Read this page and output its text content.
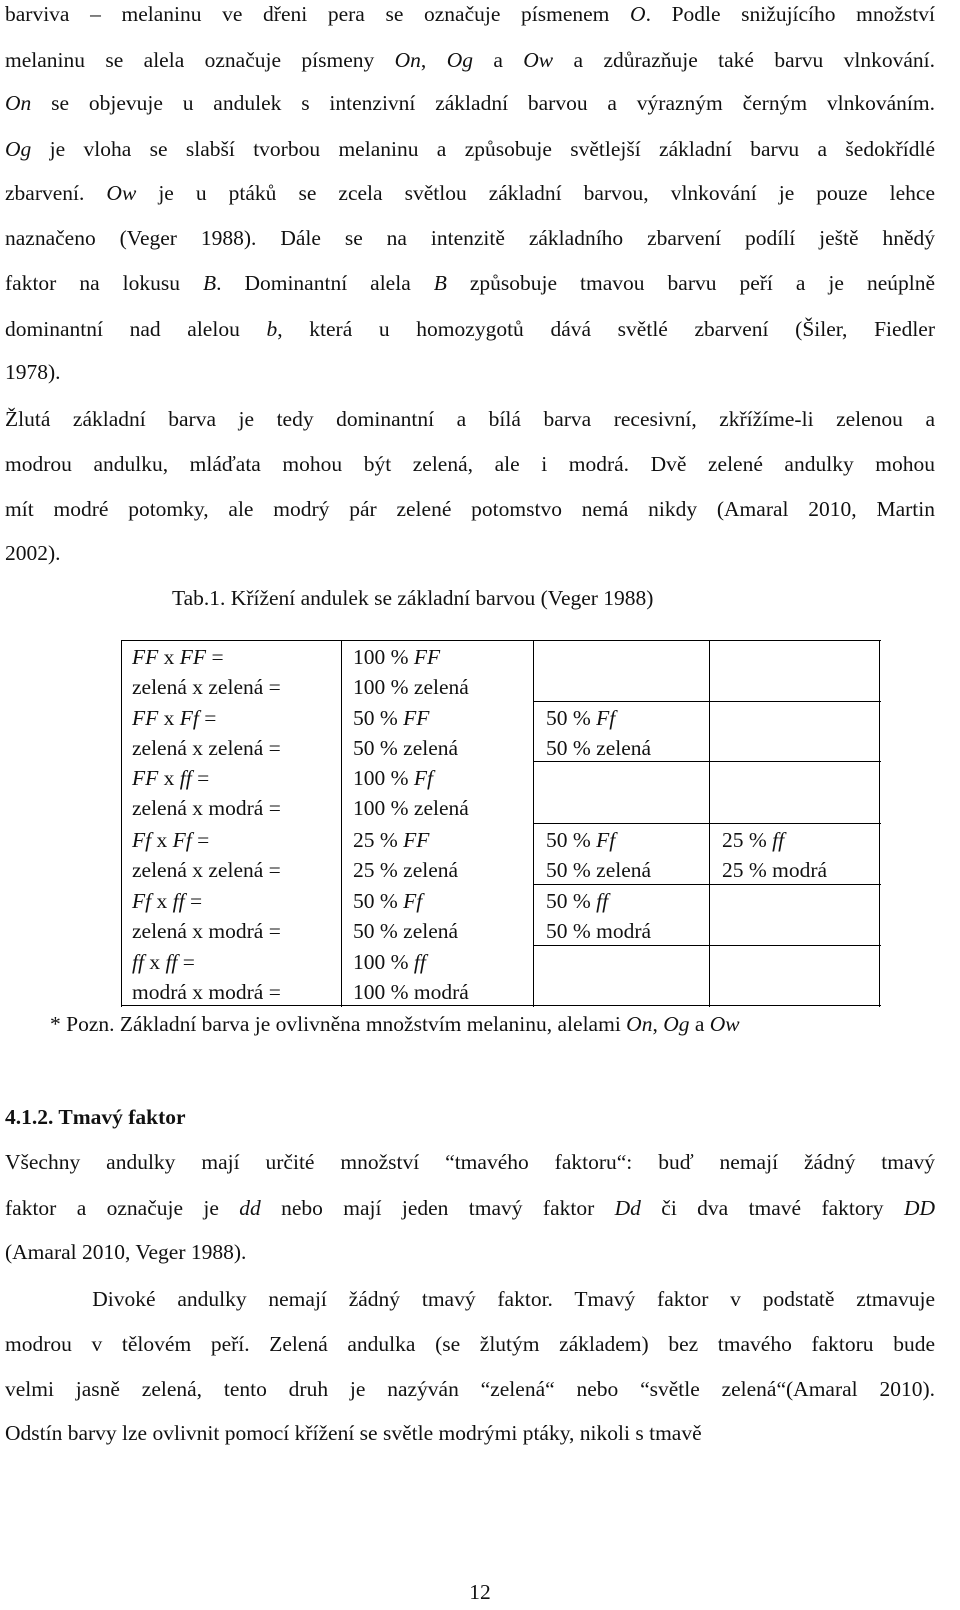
barviva – melaninu ve dřeni pera se označuje písmenem O. Podle snižujícího množství
melaninu se alela označuje písmeny On, Og a Ow a zdůrazňuje také barvu vlnkování.
On se objevuje u andulek s intenzivní základní barvou a výrazným černým vlnkováním.
Og je vloha se slabší tvorbou melaninu a způsobuje světlejší základní barvu a šedokřídlé
zbarvení. Ow je u ptáků se zcela světlou základní barvou, vlnkování je pouze lehce
naznačeno (Veger 1988). Dále se na intenzitě základního zbarvení podílí ještě hnědý
faktor na lokusu B. Dominantní alela B způsobuje tmavou barvu peří a je neúplně
dominantní nad alelou b, která u homozygotů dává světlé zbarvení (Šiler, Fiedler
1978).
Žlutá základní barva je tedy dominantní a bílá barva recesivní, zkřížíme-li zelenou a
modrou andulku, mláďata mohou být zelená, ale i modrá. Dvě zelené andulky mohou
mít modré potomky, ale modrý pár zelené potomstvo nemá nikdy (Amaral 2010, Martin
2002).
Všechny andulky mají určité množství “tmavého faktoru“: buď nemají žádný tmavý
faktor a označuje je dd nebo mají jeden tmavý faktor Dd či dva tmavé faktory DD
(Amaral 2010, Veger 1988).
Divoké andulky nemají žádný tmavý faktor. Tmavý faktor v podstatě ztmavuje
modrou v tělovém peří. Zelená andulka (se žlutým základem) bez tmavého faktoru bude
velmi jasně zelená, tento druh je nazýván “zelená“ nebo “světle zelená“(Amaral 2010).
Odstín barvy lze ovlivnit pomocí křížení se světle modrými ptáky, nikoli s tmavě
Tab.1. Křížení andulek se základní barvou (Veger 1988)
FF x FF =
zelená x zelená =
100 % FF
100 % zelená
FF x Ff =
zelená x zelená =
50 % FF
50 % zelená
50 % Ff
50 % zelená
FF x ff =
zelená x modrá =
100 % Ff
100 % zelená
Ff x Ff =
zelená x zelená =
25 % FF
25 % zelená
50 % Ff
50 % zelená
25 % ff
25 % modrá
Ff x ff =
zelená x modrá =
50 % Ff
50 % zelená
50 % ff
50 % modrá
ff x ff =
modrá x modrá =
100 % ff
100 % modrá
* Pozn. Základní barva je ovlivněna množstvím melaninu, alelami On, Og a Ow
4.1.2. Tmavý faktor
12
